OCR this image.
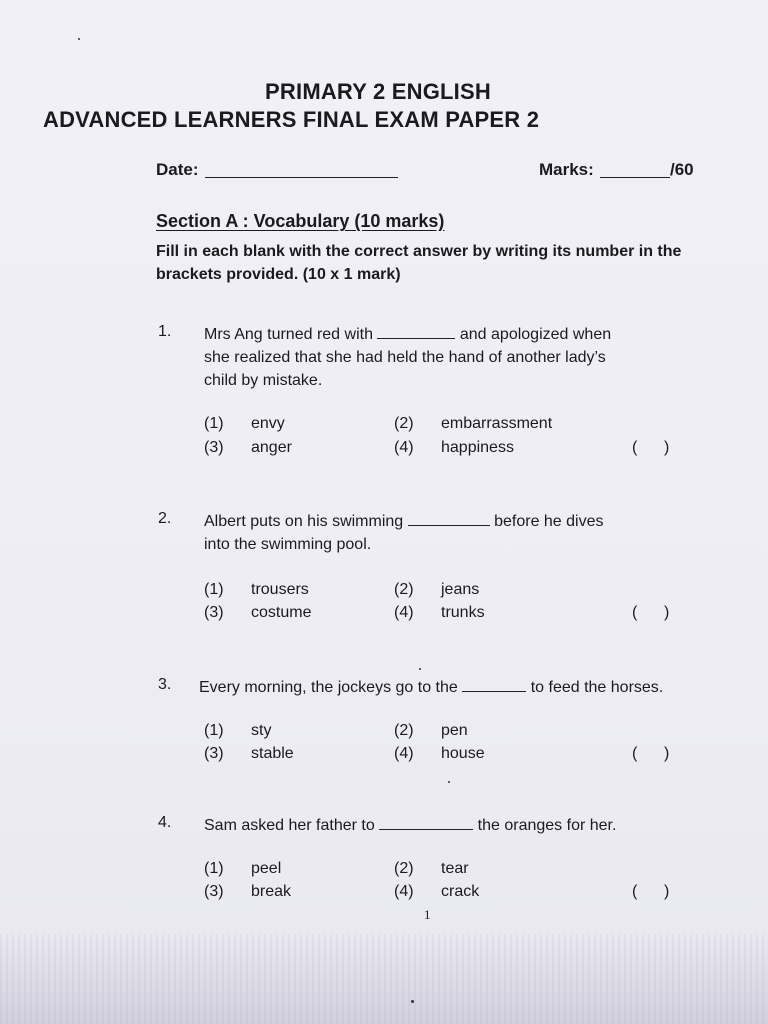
PRIMARY 2 ENGLISH
ADVANCED LEARNERS FINAL EXAM PAPER 2
Date:	Marks:	/60
Section A : Vocabulary (10 marks)
Fill in each blank with the correct answer by writing its number in the brackets provided. (10 x 1 mark)
1. Mrs Ang turned red with	and apologized when
she realized that she had held the hand of another lady’s
child by mistake.
(1) envy	(2) embarrassment
(3) anger	(4) happiness	(      )
2. Albert puts on his swimming	before he dives
into the swimming pool.
(1) trousers	(2) jeans
(3) costume	(4) trunks	(      )
3. Every morning, the jockeys go to the	to feed the horses.
(1) sty	(2) pen
(3) stable	(4) house	(      )
4. Sam asked her father to	the oranges for her.
(1) peel	(2) tear
(3) break	(4) crack	(      )
1
